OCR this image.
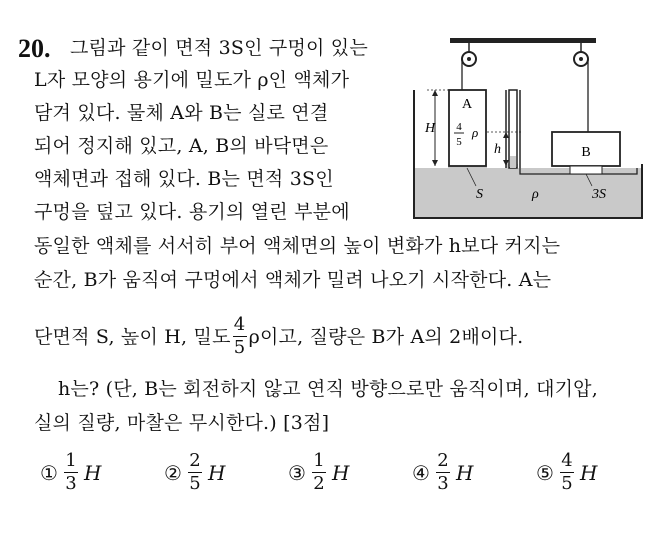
20. 그림과 같이 면적 3S인 구멍이 있는
L자 모양의 용기에 밀도가 ρ인 액체가
담겨 있다. 물체 A와 B는 실로 연결
되어 정지해 있고, A, B의 바닥면은
액체면과 접해 있다. B는 면적 3S인
구멍을 덮고 있다. 용기의 열린 부분에
동일한 액체를 서서히 부어 액체면의 높이 변화가 h보다 커지는
순간, B가 움직여 구멍에서 액체가 밀려 나오기 시작한다. A는
단면적 S, 높이 H, 밀도 $\frac{4}{5}$ ρ이고, 질량은 B가 A의 2배이다.
h는? (단, B는 회전하지 않고 연직 방향으로만 움직이며, 대기압,
실의 질량, 마찰은 무시한다.) [3점]
A
4
5
ρ
H
h	B
S	ρ	3S
① $\frac{1}{3}$ H	② $\frac{2}{5}$ H	③ $\frac{1}{2}$ H	④ $\frac{2}{3}$ H	⑤ $\frac{4}{5}$ H
